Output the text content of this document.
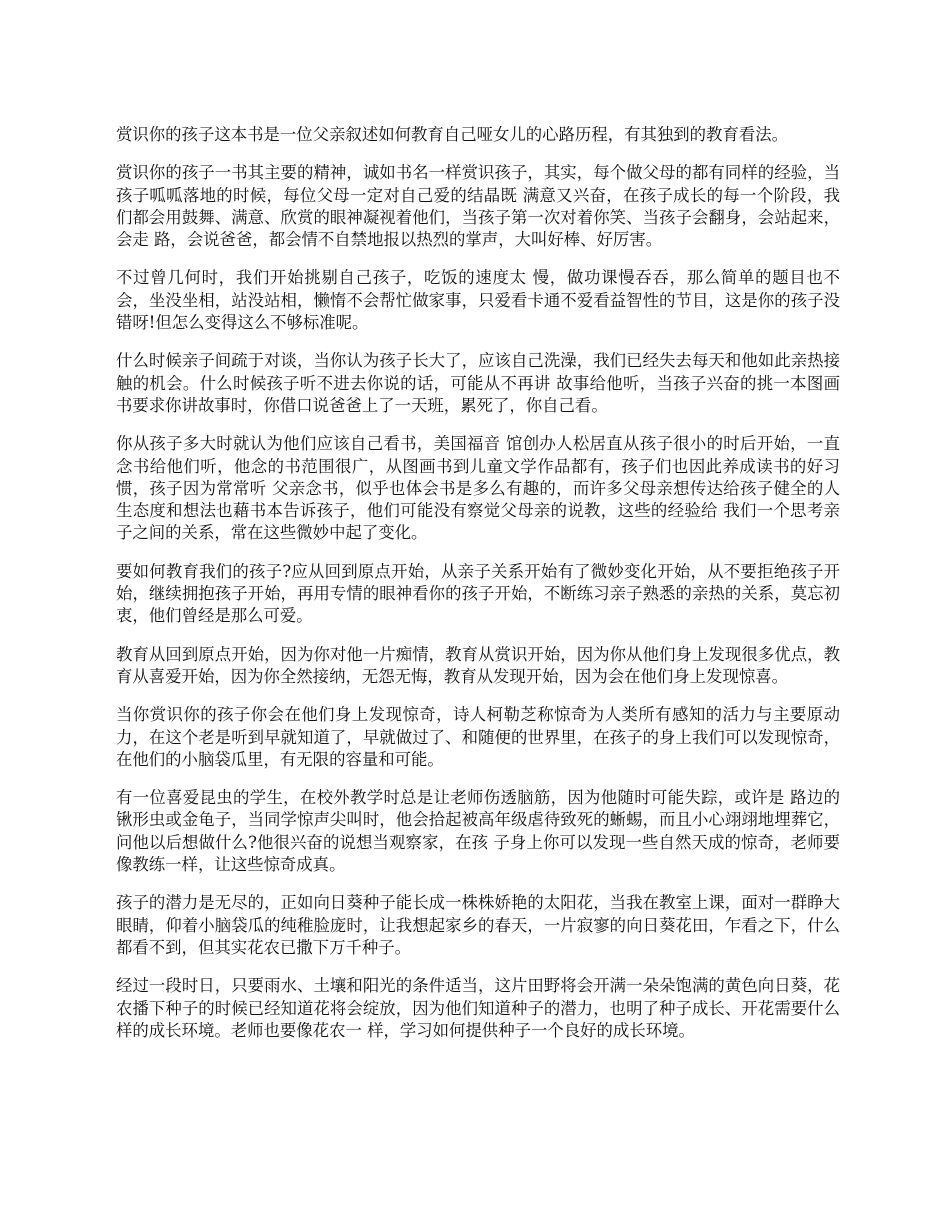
赏识你的孩子这本书是一位父亲叙述如何教育自己哑女儿的心路历程，有其独到的教育看法。

赏识你的孩子一书其主要的精神，诚如书名一样赏识孩子，其实，每个做父母的都有同样的经验，当孩子呱呱落地的时候，每位父母一定对自己爱的结晶既 满意又兴奋，在孩子成长的每一个阶段，我们都会用鼓舞、满意、欣赏的眼神凝视着他们，当孩子第一次对着你笑、当孩子会翻身，会站起来，会走 路，会说爸爸，都会情不自禁地报以热烈的掌声，大叫好棒、好厉害。

不过曾几何时，我们开始挑剔自己孩子，吃饭的速度太 慢，做功课慢吞吞，那么简单的题目也不会，坐没坐相，站没站相，懒惰不会帮忙做家事，只爱看卡通不爱看益智性的节目，这是你的孩子没错呀!但怎么变得这么不够标准呢。

什么时候亲子间疏于对谈，当你认为孩子长大了，应该自己洗澡，我们已经失去每天和他如此亲热接触的机会。什么时候孩子听不进去你说的话，可能从不再讲 故事给他听，当孩子兴奋的挑一本图画书要求你讲故事时，你借口说爸爸上了一天班，累死了，你自己看。

你从孩子多大时就认为他们应该自己看书，美国福音 馆创办人松居直从孩子很小的时后开始，一直念书给他们听，他念的书范围很广，从图画书到儿童文学作品都有，孩子们也因此养成读书的好习惯，孩子因为常常听 父亲念书，似乎也体会书是多么有趣的，而许多父母亲想传达给孩子健全的人生态度和想法也藉书本告诉孩子，他们可能没有察觉父母亲的说教，这些的经验给 我们一个思考亲子之间的关系，常在这些微妙中起了变化。

要如何教育我们的孩子?应从回到原点开始，从亲子关系开始有了微妙变化开始，从不要拒绝孩子开始，继续拥抱孩子开始，再用专情的眼神看你的孩子开始，不断练习亲子熟悉的亲热的关系，莫忘初衷，他们曾经是那么可爱。

教育从回到原点开始，因为你对他一片痴情，教育从赏识开始，因为你从他们身上发现很多优点，教育从喜爱开始，因为你全然接纳，无怨无悔，教育从发现开始，因为会在他们身上发现惊喜。

当你赏识你的孩子你会在他们身上发现惊奇，诗人柯勒芝称惊奇为人类所有感知的活力与主要原动力，在这个老是听到早就知道了，早就做过了、和随便的世界里，在孩子的身上我们可以发现惊奇，在他们的小脑袋瓜里，有无限的容量和可能。

有一位喜爱昆虫的学生，在校外教学时总是让老师伤透脑筋，因为他随时可能失踪，或许是 路边的锹形虫或金龟子，当同学惊声尖叫时，他会拾起被高年级虐待致死的蜥蜴，而且小心翊翊地埋葬它，问他以后想做什么?他很兴奋的说想当观察家，在孩 子身上你可以发现一些自然天成的惊奇，老师要像教练一样，让这些惊奇成真。

孩子的潜力是无尽的，正如向日葵种子能长成一株株娇艳的太阳花，当我在教室上课，面对一群睁大眼睛，仰着小脑袋瓜的纯稚脸庞时，让我想起家乡的春天，一片寂寥的向日葵花田，乍看之下，什么都看不到，但其实花农已撒下万千种子。

经过一段时日，只要雨水、土壤和阳光的条件适当，这片田野将会开满一朵朵饱满的黄色向日葵，花农播下种子的时候已经知道花将会绽放，因为他们知道种子的潜力，也明了种子成长、开花需要什么样的成长环境。老师也要像花农一 样，学习如何提供种子一个良好的成长环境。
